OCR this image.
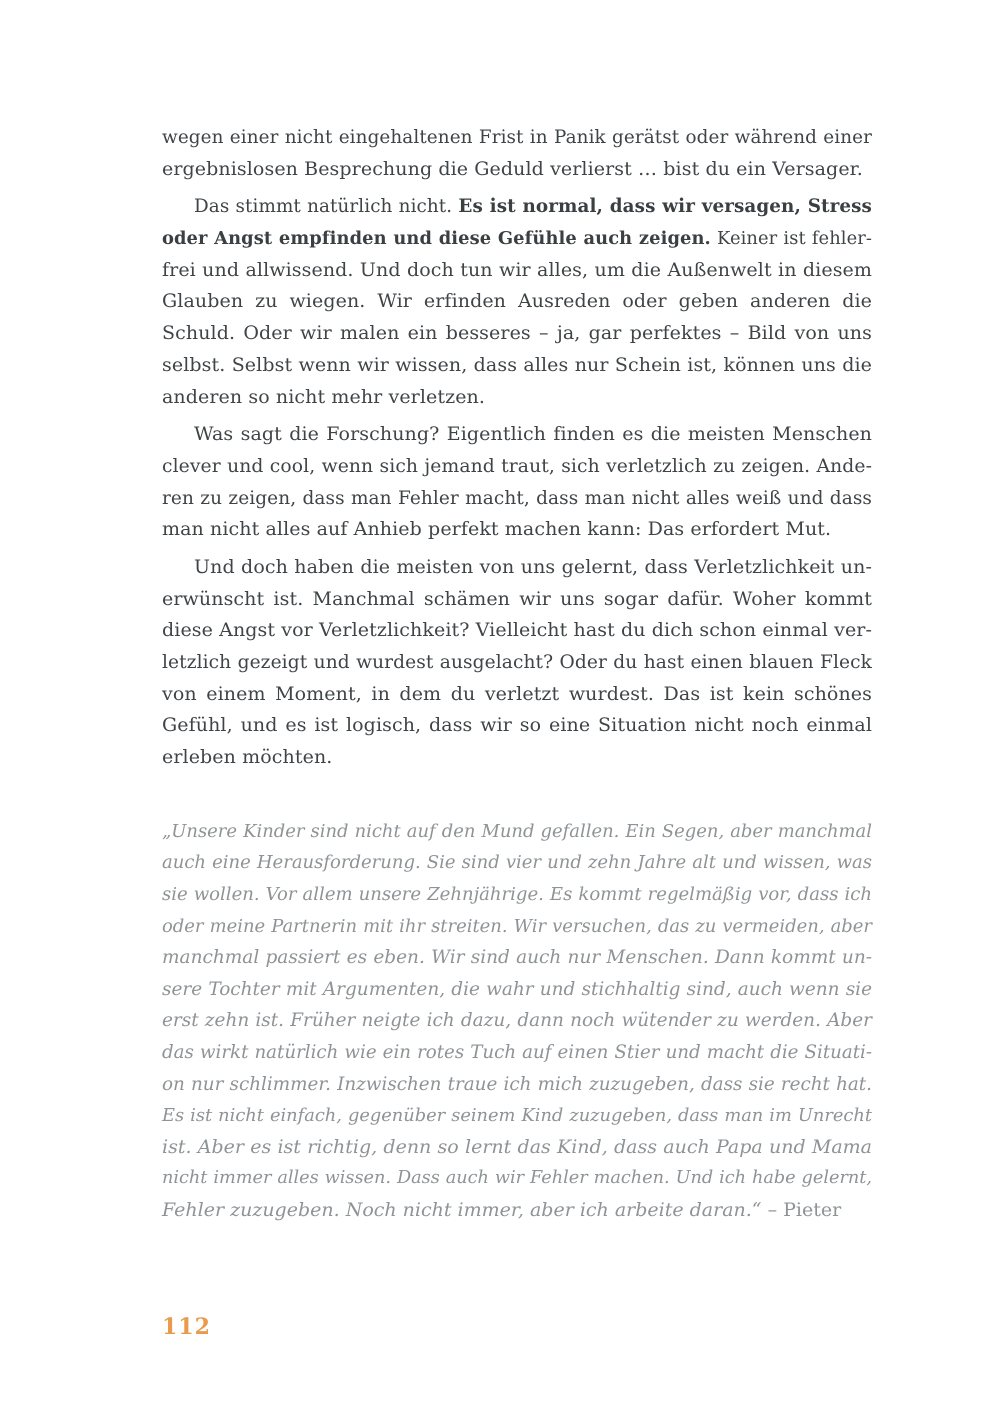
wegen einer nicht eingehaltenen Frist in Panik gerätst oder während einer
ergebnislosen Besprechung die Geduld verlierst … bist du ein Versager.
Das stimmt natürlich nicht. Es ist normal, dass wir versagen, Stress
oder Angst empfinden und diese Gefühle auch zeigen. Keiner ist fehler-
frei und allwissend. Und doch tun wir alles, um die Außenwelt in diesem
Glauben zu wiegen. Wir erfinden Ausreden oder geben anderen die
Schuld. Oder wir malen ein besseres – ja, gar perfektes – Bild von uns
selbst. Selbst wenn wir wissen, dass alles nur Schein ist, können uns die
anderen so nicht mehr verletzen.
Was sagt die Forschung? Eigentlich finden es die meisten Menschen
clever und cool, wenn sich jemand traut, sich verletzlich zu zeigen. Ande-
ren zu zeigen, dass man Fehler macht, dass man nicht alles weiß und dass
man nicht alles auf Anhieb perfekt machen kann: Das erfordert Mut.
Und doch haben die meisten von uns gelernt, dass Verletzlichkeit un-
erwünscht ist. Manchmal schämen wir uns sogar dafür. Woher kommt
diese Angst vor Verletzlichkeit? Vielleicht hast du dich schon einmal ver-
letzlich gezeigt und wurdest ausgelacht? Oder du hast einen blauen Fleck
von einem Moment, in dem du verletzt wurdest. Das ist kein schönes
Gefühl, und es ist logisch, dass wir so eine Situation nicht noch einmal
erleben möchten.
„Unsere Kinder sind nicht auf den Mund gefallen. Ein Segen, aber manchmal
auch eine Herausforderung. Sie sind vier und zehn Jahre alt und wissen, was
sie wollen. Vor allem unsere Zehnjährige. Es kommt regelmäßig vor, dass ich
oder meine Partnerin mit ihr streiten. Wir versuchen, das zu vermeiden, aber
manchmal passiert es eben. Wir sind auch nur Menschen. Dann kommt un-
sere Tochter mit Argumenten, die wahr und stichhaltig sind, auch wenn sie
erst zehn ist. Früher neigte ich dazu, dann noch wütender zu werden. Aber
das wirkt natürlich wie ein rotes Tuch auf einen Stier und macht die Situati-
on nur schlimmer. Inzwischen traue ich mich zuzugeben, dass sie recht hat.
Es ist nicht einfach, gegenüber seinem Kind zuzugeben, dass man im Unrecht
ist. Aber es ist richtig, denn so lernt das Kind, dass auch Papa und Mama
nicht immer alles wissen. Dass auch wir Fehler machen. Und ich habe gelernt,
Fehler zuzugeben. Noch nicht immer, aber ich arbeite daran.“ – Pieter
112
